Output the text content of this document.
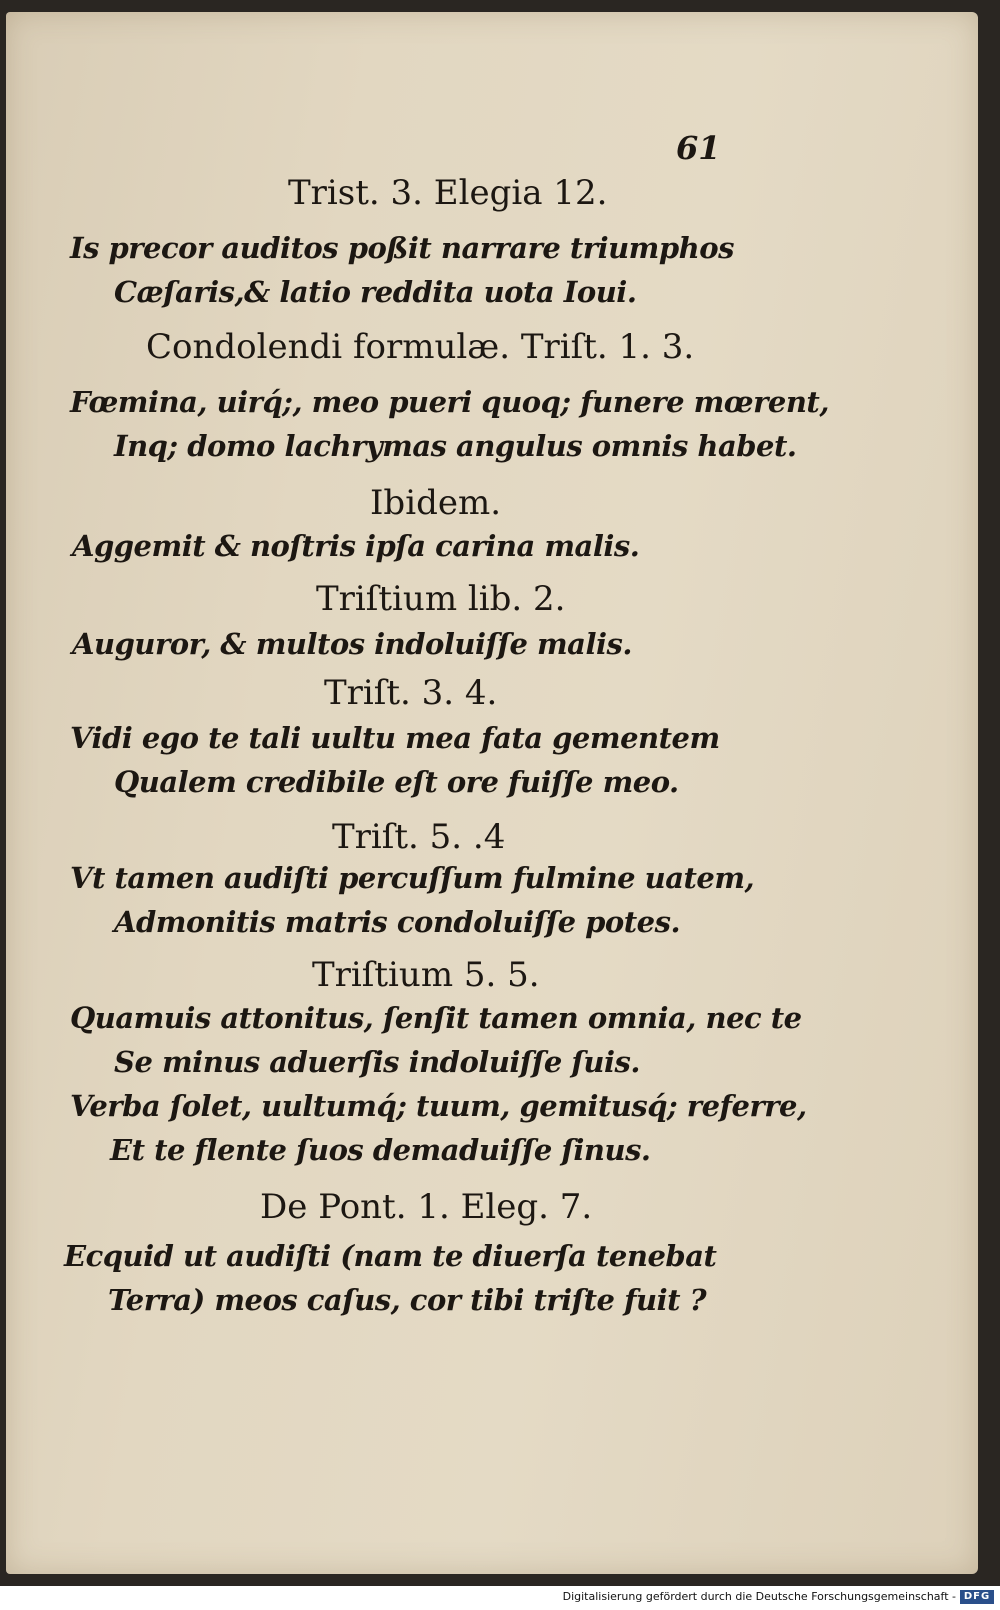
61
Trist. 3. Elegia 12.
Is precor auditos poßit narrare triumphos
Cæſaris,& latio reddita uota Ioui.
Condolendi formulæ. Triſt. 1. 3.
Fœmina, uirq́;, meo pueri quoq; funere mœrent,
Inq; domo lachrymas angulus omnis habet.
Ibidem.
Aggemit & noſtris ipſa carina malis.
Triſtium lib. 2.
Auguror, & multos indoluiſſe malis.
Triſt. 3. 4.
Vidi ego te tali uultu mea fata gementem
Qualem credibile eſt ore fuiſſe meo.
Triſt. 5. .4
Vt tamen audiſti percuſſum fulmine uatem,
Admonitis matris condoluiſſe potes.
Triſtium 5. 5.
Quamuis attonitus, ſenſit tamen omnia, nec te
Se minus aduerſis indoluiſſe ſuis.
Verba ſolet, uultumq́; tuum, gemitusq́; referre,
Et te flente ſuos demaduiſſe ſinus.
De Pont. 1. Eleg. 7.
Ecquid ut audiſti (nam te diuerſa tenebat
Terra) meos caſus, cor tibi triſte fuit ?
Digitalisierung gefördert durch die Deutsche Forschungsgemeinschaft - DFG
